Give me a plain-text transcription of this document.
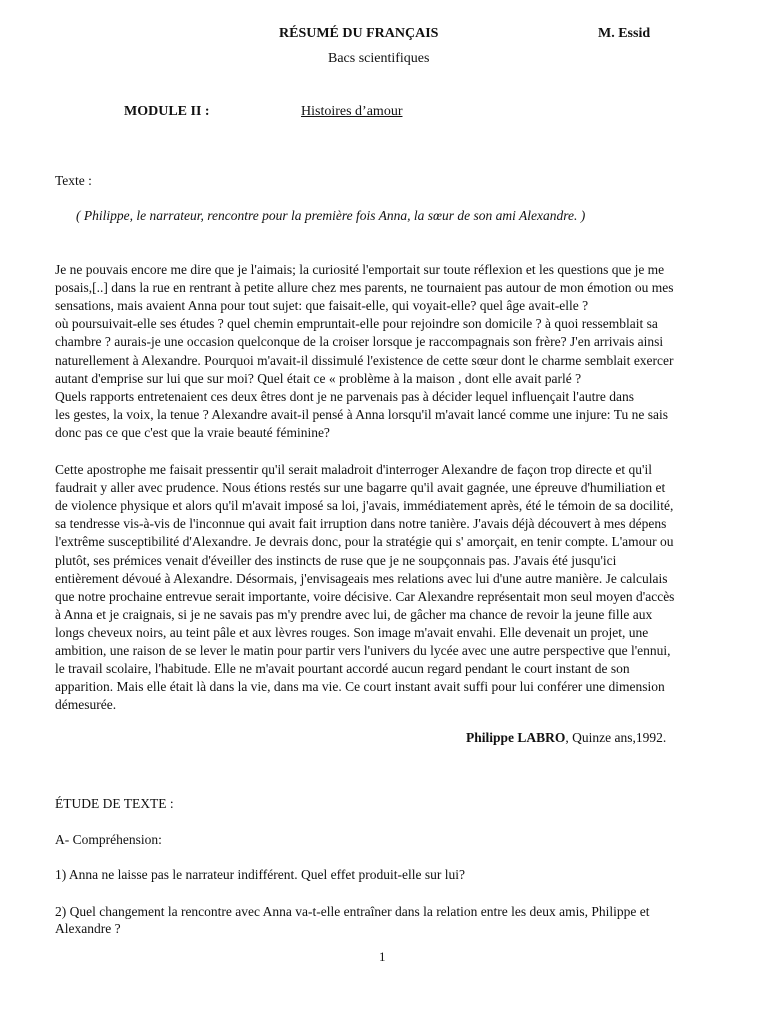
RÉSUMÉ DU FRANÇAIS	M. Essid
Bacs scientifiques
MODULE II :	Histoires d’amour
Texte :
( Philippe, le narrateur, rencontre pour la première fois Anna, la sœur de son ami Alexandre. )

Je ne pouvais encore me dire que je l'aimais; la curiosité l'emportait sur toute réflexion et les questions que je me
posais,[..] dans la rue en rentrant à petite allure chez mes parents, ne tournaient pas autour de mon émotion ou mes
sensations, mais avaient Anna pour tout sujet: que faisait-elle, qui voyait-elle? quel âge avait-elle ?
où poursuivait-elle ses études ? quel chemin empruntait-elle pour rejoindre son domicile ? à quoi ressemblait sa
chambre ? aurais-je une occasion quelconque de la croiser lorsque je raccompagnais son frère? J'en arrivais ainsi
naturellement à Alexandre. Pourquoi m'avait-il dissimulé l'existence de cette sœur dont le charme semblait exercer
autant d'emprise sur lui que sur moi? Quel était ce « problème à la maison , dont elle avait parlé ?
Quels rapports entretenaient ces deux êtres dont je ne parvenais pas à décider lequel influençait l'autre dans
les gestes, la voix, la tenue ? Alexandre avait-il pensé à Anna lorsqu'il m'avait lancé comme une injure: Tu ne sais
donc pas ce que c'est que la vraie beauté féminine?

Cette apostrophe me faisait pressentir qu'il serait maladroit d'interroger Alexandre de façon trop directe et qu'il
faudrait y aller avec prudence. Nous étions restés sur une bagarre qu'il avait gagnée, une épreuve d'humiliation et
de violence physique et alors qu'il m'avait imposé sa loi, j'avais, immédiatement après, été le témoin de sa docilité,
sa tendresse vis-à-vis de l'inconnue qui avait fait irruption dans notre tanière. J'avais déjà découvert à mes dépens
l'extrême susceptibilité d'Alexandre. Je devrais donc, pour la stratégie qui s' amorçait, en tenir compte. L'amour ou
plutôt, ses prémices venait d'éveiller des instincts de ruse que je ne soupçonnais pas. J'avais été jusqu'ici
entièrement dévoué à Alexandre. Désormais, j'envisageais mes relations avec lui d'une autre manière. Je calculais
que notre prochaine entrevue serait importante, voire décisive. Car Alexandre représentait mon seul moyen d'accès
à Anna et je craignais, si je ne savais pas m'y prendre avec lui, de gâcher ma chance de revoir la jeune fille aux
longs cheveux noirs, au teint pâle et aux lèvres rouges. Son image m'avait envahi. Elle devenait un projet, une
ambition, une raison de se lever le matin pour partir vers l'univers du lycée avec une autre perspective que l'ennui,
le travail scolaire, l'habitude. Elle ne m'avait pourtant accordé aucun regard pendant le court instant de son
apparition. Mais elle était là dans la vie, dans ma vie. Ce court instant avait suffi pour lui conférer une dimension
démesurée.

Philippe LABRO, Quinze ans,1992.
ÉTUDE DE TEXTE :
A- Compréhension:
1) Anna ne laisse pas le narrateur indifférent. Quel effet produit-elle sur lui?
2) Quel changement la rencontre avec Anna va-t-elle entraîner dans la relation entre les deux amis, Philippe et
Alexandre ?
1
